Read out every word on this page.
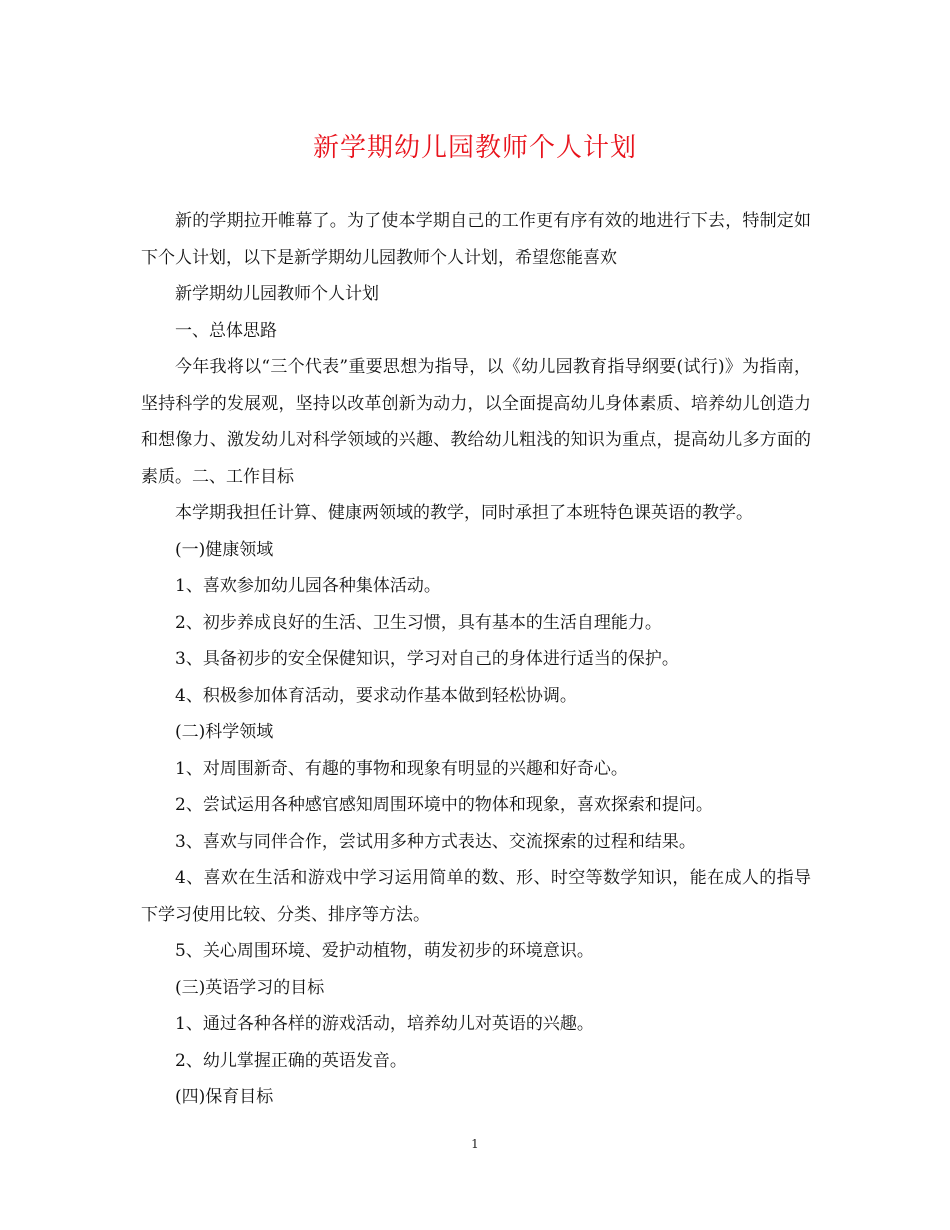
新学期幼儿园教师个人计划

新的学期拉开帷幕了。为了使本学期自己的工作更有序有效的地进行下去，特制定如下个人计划，以下是新学期幼儿园教师个人计划，希望您能喜欢

新学期幼儿园教师个人计划

一、总体思路

今年我将以“三个代表”重要思想为指导，以《幼儿园教育指导纲要(试行)》为指南，坚持科学的发展观，坚持以改革创新为动力，以全面提高幼儿身体素质、培养幼儿创造力和想像力、激发幼儿对科学领域的兴趣、教给幼儿粗浅的知识为重点，提高幼儿多方面的素质。二、工作目标

本学期我担任计算、健康两领域的教学，同时承担了本班特色课英语的教学。

(一)健康领域

1、喜欢参加幼儿园各种集体活动。

2、初步养成良好的生活、卫生习惯，具有基本的生活自理能力。

3、具备初步的安全保健知识，学习对自己的身体进行适当的保护。

4、积极参加体育活动，要求动作基本做到轻松协调。

(二)科学领域

1、对周围新奇、有趣的事物和现象有明显的兴趣和好奇心。

2、尝试运用各种感官感知周围环境中的物体和现象，喜欢探索和提问。

3、喜欢与同伴合作，尝试用多种方式表达、交流探索的过程和结果。

4、喜欢在生活和游戏中学习运用简单的数、形、时空等数学知识，能在成人的指导下学习使用比较、分类、排序等方法。

5、关心周围环境、爱护动植物，萌发初步的环境意识。

(三)英语学习的目标

1、通过各种各样的游戏活动，培养幼儿对英语的兴趣。

2、幼儿掌握正确的英语发音。

(四)保育目标

1
